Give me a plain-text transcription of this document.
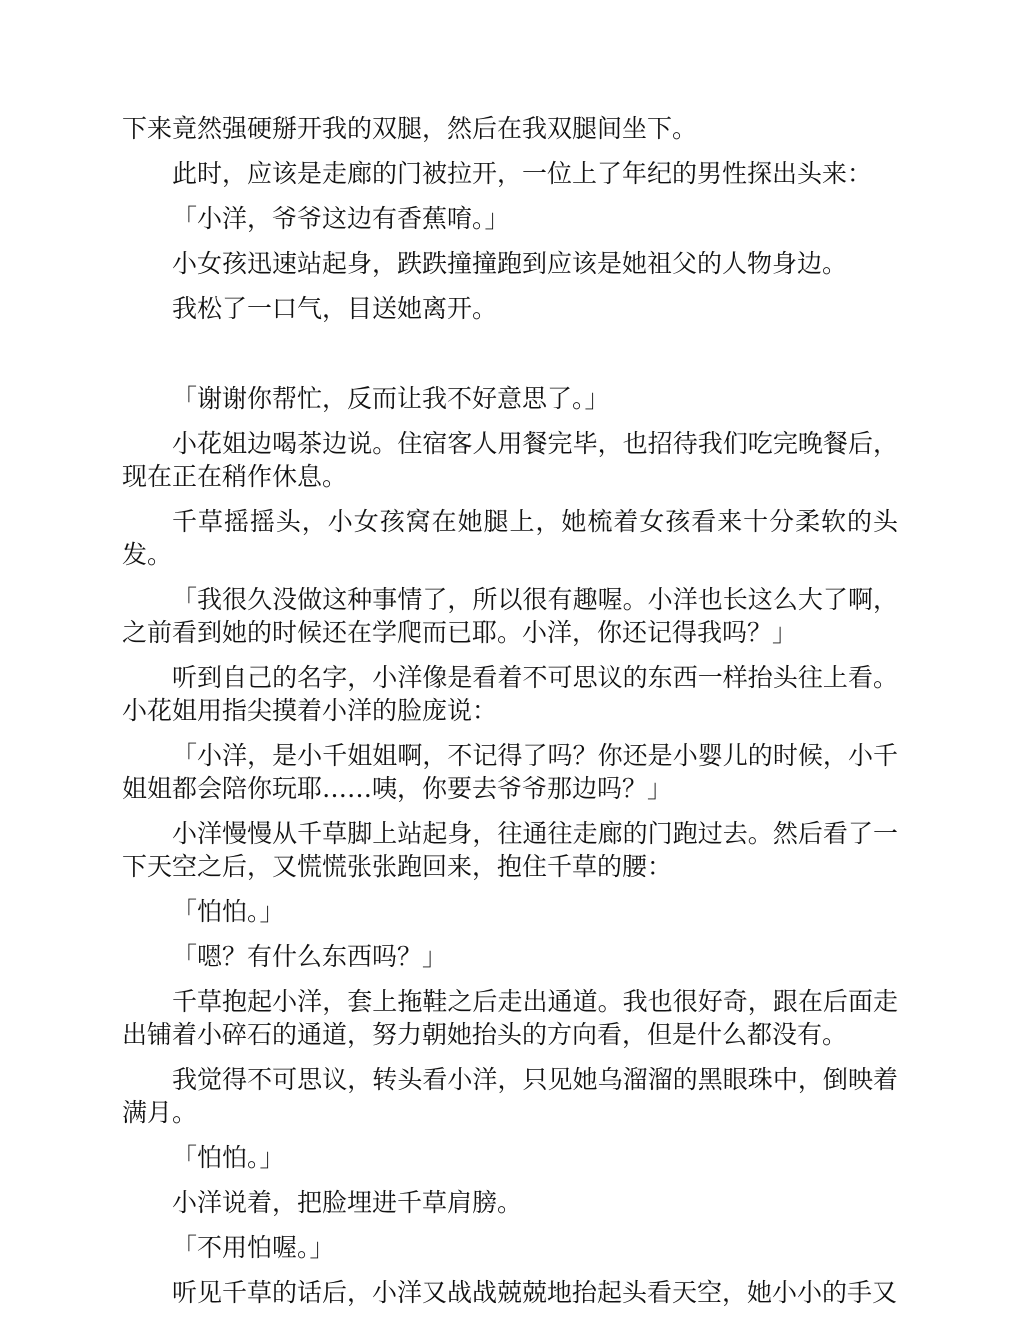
下来竟然强硬掰开我的双腿，然后在我双腿间坐下。

此时，应该是走廊的门被拉开，一位上了年纪的男性探出头来：

「小洋，爷爷这边有香蕉唷。」

小女孩迅速站起身，跌跌撞撞跑到应该是她祖父的人物身边。

我松了一口气，目送她离开。

「谢谢你帮忙，反而让我不好意思了。」

小花姐边喝茶边说。住宿客人用餐完毕，也招待我们吃完晚餐后，现在正在稍作休息。

千草摇摇头，小女孩窝在她腿上，她梳着女孩看来十分柔软的头发。

「我很久没做这种事情了，所以很有趣喔。小洋也长这么大了啊，之前看到她的时候还在学爬而已耶。小洋，你还记得我吗？」

听到自己的名字，小洋像是看着不可思议的东西一样抬头往上看。小花姐用指尖摸着小洋的脸庞说：

「小洋，是小千姐姐啊，不记得了吗？你还是小婴儿的时候，小千姐姐都会陪你玩耶……咦，你要去爷爷那边吗？」

小洋慢慢从千草脚上站起身，往通往走廊的门跑过去。然后看了一下天空之后，又慌慌张张跑回来，抱住千草的腰：

「怕怕。」

「嗯？有什么东西吗？」

千草抱起小洋，套上拖鞋之后走出通道。我也很好奇，跟在后面走出铺着小碎石的通道，努力朝她抬头的方向看，但是什么都没有。

我觉得不可思议，转头看小洋，只见她乌溜溜的黑眼珠中，倒映着满月。

「怕怕。」

小洋说着，把脸埋进千草肩膀。

「不用怕喔。」

听见千草的话后，小洋又战战兢兢地抬起头看天空，她小小的手又
